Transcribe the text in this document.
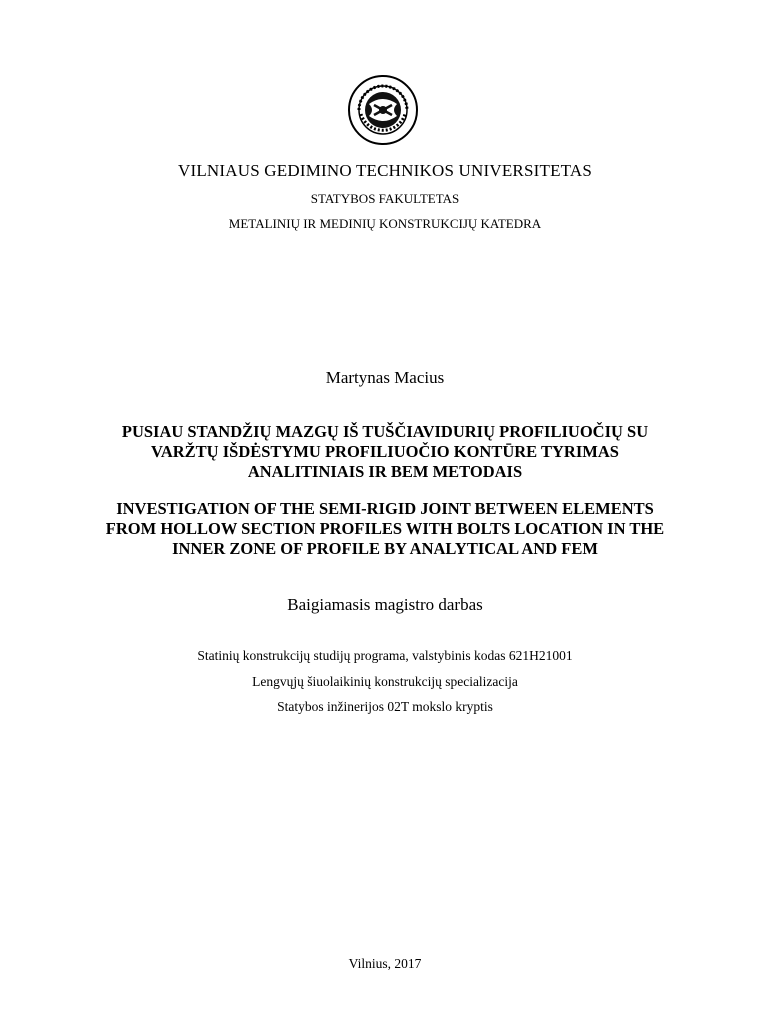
VILNIAUS GEDIMINO TECHNIKOS UNIVERSITETAS
STATYBOS FAKULTETAS
METALINIŲ IR MEDINIŲ KONSTRUKCIJŲ KATEDRA
Martynas Macius
PUSIAU STANDŽIŲ MAZGŲ IŠ TUŠČIAVIDURIŲ PROFILIUOČIŲ SU
VARŽTŲ IŠDĖSTYMU PROFILIUOČIO KONTŪRE TYRIMAS
ANALITINIAIS IR BEM METODAIS
INVESTIGATION OF THE SEMI-RIGID JOINT BETWEEN ELEMENTS
FROM HOLLOW SECTION PROFILES WITH BOLTS LOCATION IN THE
INNER ZONE OF PROFILE BY ANALYTICAL AND FEM
Baigiamasis magistro darbas
Statinių konstrukcijų studijų programa, valstybinis kodas 621H21001
Lengvųjų šiuolaikinių konstrukcijų specializacija
Statybos inžinerijos 02T mokslo kryptis
Vilnius, 2017
